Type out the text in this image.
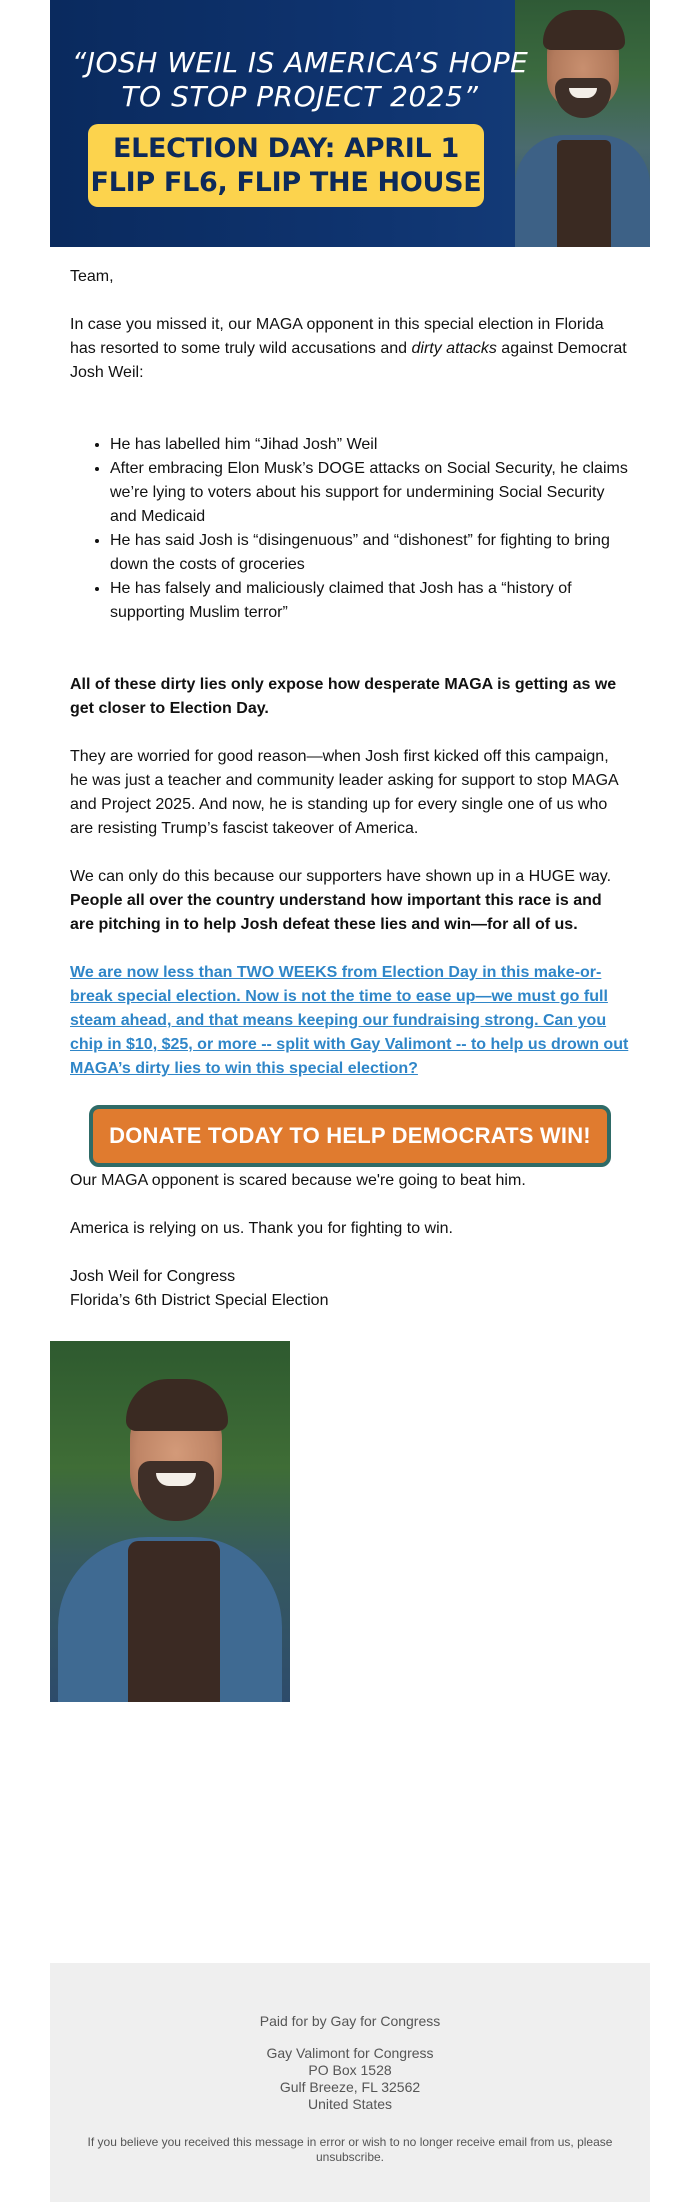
“JOSH WEIL IS AMERICA’S HOPE TO STOP PROJECT 2025”
ELECTION DAY: APRIL 1
FLIP FL6, FLIP THE HOUSE

Team,

In case you missed it, our MAGA opponent in this special election in Florida has resorted to some truly wild accusations and dirty attacks against Democrat Josh Weil:

• He has labelled him “Jihad Josh” Weil
• After embracing Elon Musk’s DOGE attacks on Social Security, he claims we’re lying to voters about his support for undermining Social Security and Medicaid
• He has said Josh is “disingenuous” and “dishonest” for fighting to bring down the costs of groceries
• He has falsely and maliciously claimed that Josh has a “history of supporting Muslim terror”

All of these dirty lies only expose how desperate MAGA is getting as we get closer to Election Day.

They are worried for good reason—when Josh first kicked off this campaign, he was just a teacher and community leader asking for support to stop MAGA and Project 2025. And now, he is standing up for every single one of us who are resisting Trump’s fascist takeover of America.

We can only do this because our supporters have shown up in a HUGE way. People all over the country understand how important this race is and are pitching in to help Josh defeat these lies and win—for all of us.

We are now less than TWO WEEKS from Election Day in this make-or-break special election. Now is not the time to ease up—we must go full steam ahead, and that means keeping our fundraising strong. Can you chip in $10, $25, or more -- split with Gay Valimont -- to help us drown out MAGA’s dirty lies to win this special election?

DONATE TODAY TO HELP DEMOCRATS WIN!

Our MAGA opponent is scared because we're going to beat him.

America is relying on us. Thank you for fighting to win.

Josh Weil for Congress

Florida’s 6th District Special Election

Paid for by Gay for Congress
Gay Valimont for Congress
PO Box 1528
Gulf Breeze, FL 32562
United States
If you believe you received this message in error or wish to no longer receive email from us, please unsubscribe.
